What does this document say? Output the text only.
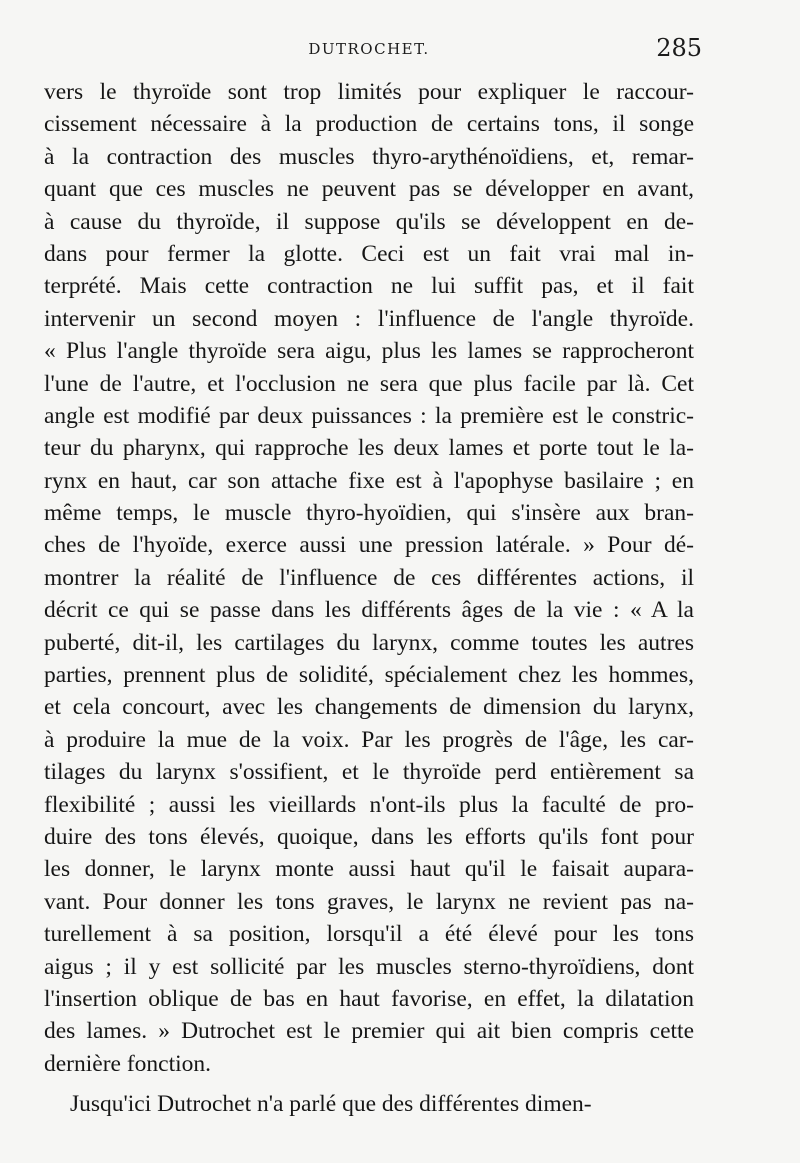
DUTROCHET.	285
vers le thyroïde sont trop limités pour expliquer le raccour-
cissement nécessaire à la production de certains tons, il songe
à la contraction des muscles thyro-arythénoïdiens, et, remar-
quant que ces muscles ne peuvent pas se développer en avant,
à cause du thyroïde, il suppose qu'ils se développent en de-
dans pour fermer la glotte. Ceci est un fait vrai mal in-
terprété. Mais cette contraction ne lui suffit pas, et il fait
intervenir un second moyen : l'influence de l'angle thyroïde.
« Plus l'angle thyroïde sera aigu, plus les lames se rapprocheront
l'une de l'autre, et l'occlusion ne sera que plus facile par là. Cet
angle est modifié par deux puissances : la première est le constric-
teur du pharynx, qui rapproche les deux lames et porte tout le la-
rynx en haut, car son attache fixe est à l'apophyse basilaire ; en
même temps, le muscle thyro-hyoïdien, qui s'insère aux bran-
ches de l'hyoïde, exerce aussi une pression latérale. » Pour dé-
montrer la réalité de l'influence de ces différentes actions, il
décrit ce qui se passe dans les différents âges de la vie : « A la
puberté, dit-il, les cartilages du larynx, comme toutes les autres
parties, prennent plus de solidité, spécialement chez les hommes,
et cela concourt, avec les changements de dimension du larynx,
à produire la mue de la voix. Par les progrès de l'âge, les car-
tilages du larynx s'ossifient, et le thyroïde perd entièrement sa
flexibilité ; aussi les vieillards n'ont-ils plus la faculté de pro-
duire des tons élevés, quoique, dans les efforts qu'ils font pour
les donner, le larynx monte aussi haut qu'il le faisait aupara-
vant. Pour donner les tons graves, le larynx ne revient pas na-
turellement à sa position, lorsqu'il a été élevé pour les tons
aigus ; il y est sollicité par les muscles sterno-thyroïdiens, dont
l'insertion oblique de bas en haut favorise, en effet, la dilatation
des lames. » Dutrochet est le premier qui ait bien compris cette
dernière fonction.
Jusqu'ici Dutrochet n'a parlé que des différentes dimen-
